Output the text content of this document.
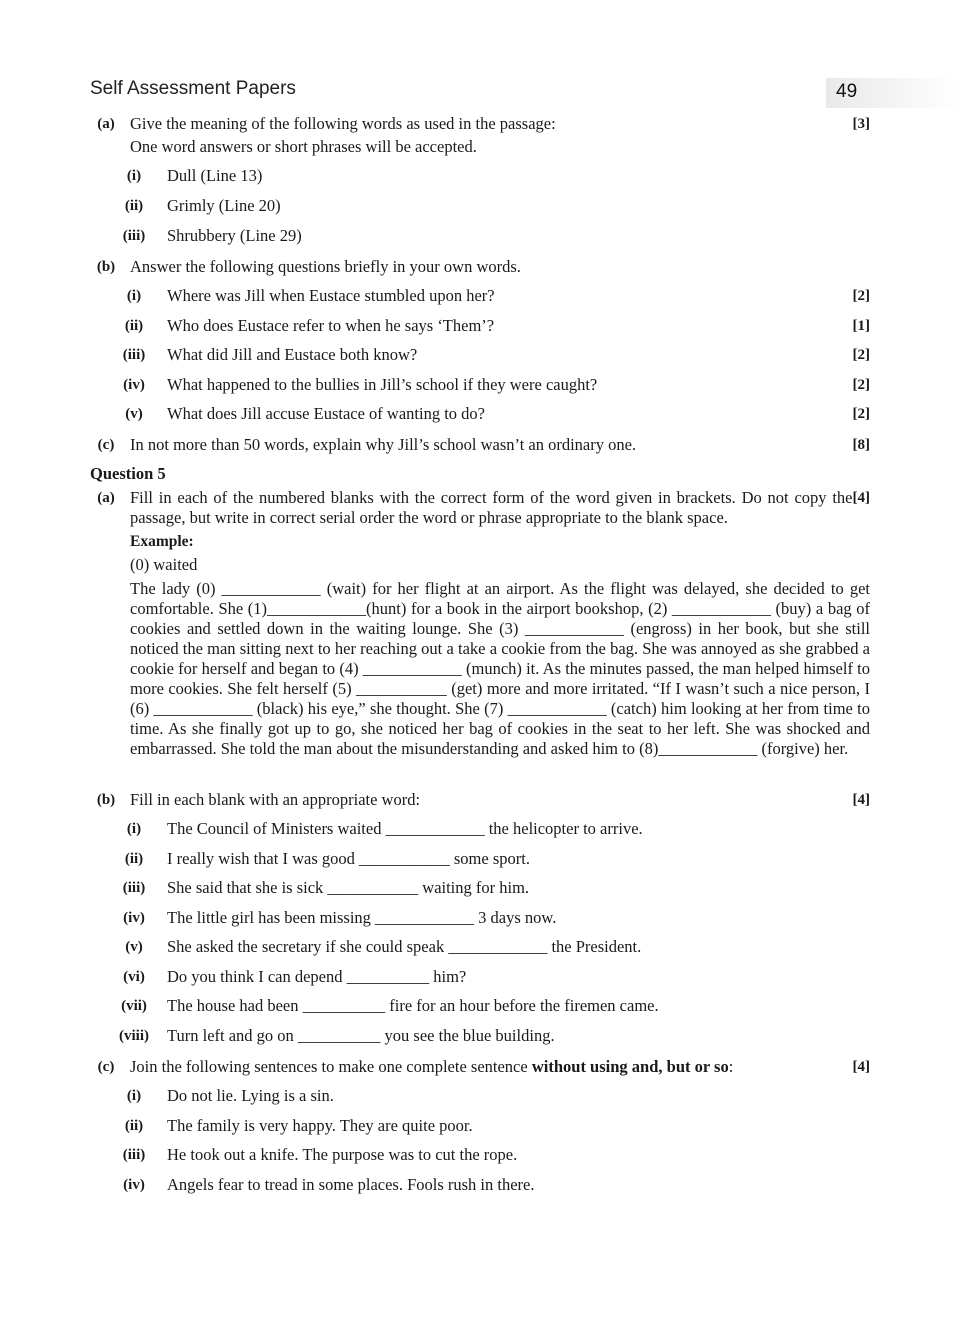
Self Assessment Papers	49
(a) Give the meaning of the following words as used in the passage:	[3]
One word answers or short phrases will be accepted.
(i)	Dull (Line 13)
(ii)	Grimly (Line 20)
(iii)	Shrubbery (Line 29)
(b) Answer the following questions briefly in your own words.
(i)	Where was Jill when Eustace stumbled upon her?	[2]
(ii)	Who does Eustace refer to when he says ‘Them’?	[1]
(iii)	What did Jill and Eustace both know?	[2]
(iv)	What happened to the bullies in Jill’s school if they were caught?	[2]
(v)	What does Jill accuse Eustace of wanting to do?	[2]
(c) In not more than 50 words, explain why Jill’s school wasn’t an ordinary one.	[8]
Question 5
(a)	[4]
Fill in each of the numbered blanks with the correct form of the word given in brackets. Do not copy the passage, but write in correct serial order the word or phrase appropriate to the blank space.
Example:
(0) waited
The lady (0) ____________ (wait) for her flight at an airport. As the flight was delayed, she decided to get comfortable. She (1)____________(hunt) for a book in the airport bookshop, (2) ____________ (buy) a bag of cookies and settled down in the waiting lounge. She (3) ____________ (engross) in her book, but she still noticed the man sitting next to her reaching out a take a cookie from the bag. She was annoyed as she grabbed a cookie for herself and began to (4) ____________ (munch) it. As the minutes passed, the man helped himself to more cookies. She felt herself (5) ___________ (get) more and more irritated. “If I wasn’t such a nice person, I (6) ____________ (black) his eye,” she thought. She (7) ____________ (catch) him looking at her from time to time. As she finally got up to go, she noticed her bag of cookies in the seat to her left. She was shocked and embarrassed. She told the man about the misunderstanding and asked him to (8)____________ (forgive) her.
(b) Fill in each blank with an appropriate word:	[4]
(i)	The Council of Ministers waited ____________ the helicopter to arrive.
(ii)	I really wish that I was good ___________ some sport.
(iii)	She said that she is sick ___________ waiting for him.
(iv)	The little girl has been missing ____________ 3 days now.
(v)	She asked the secretary if she could speak ____________ the President.
(vi)	Do you think I can depend __________ him?
(vii)	The house had been __________ fire for an hour before the firemen came.
(viii)	Turn left and go on __________ you see the blue building.
(c) Join the following sentences to make one complete sentence without using and, but or so:	[4]
(i)	Do not lie. Lying is a sin.
(ii)	The family is very happy. They are quite poor.
(iii)	He took out a knife. The purpose was to cut the rope.
(iv)	Angels fear to tread in some places. Fools rush in there.
